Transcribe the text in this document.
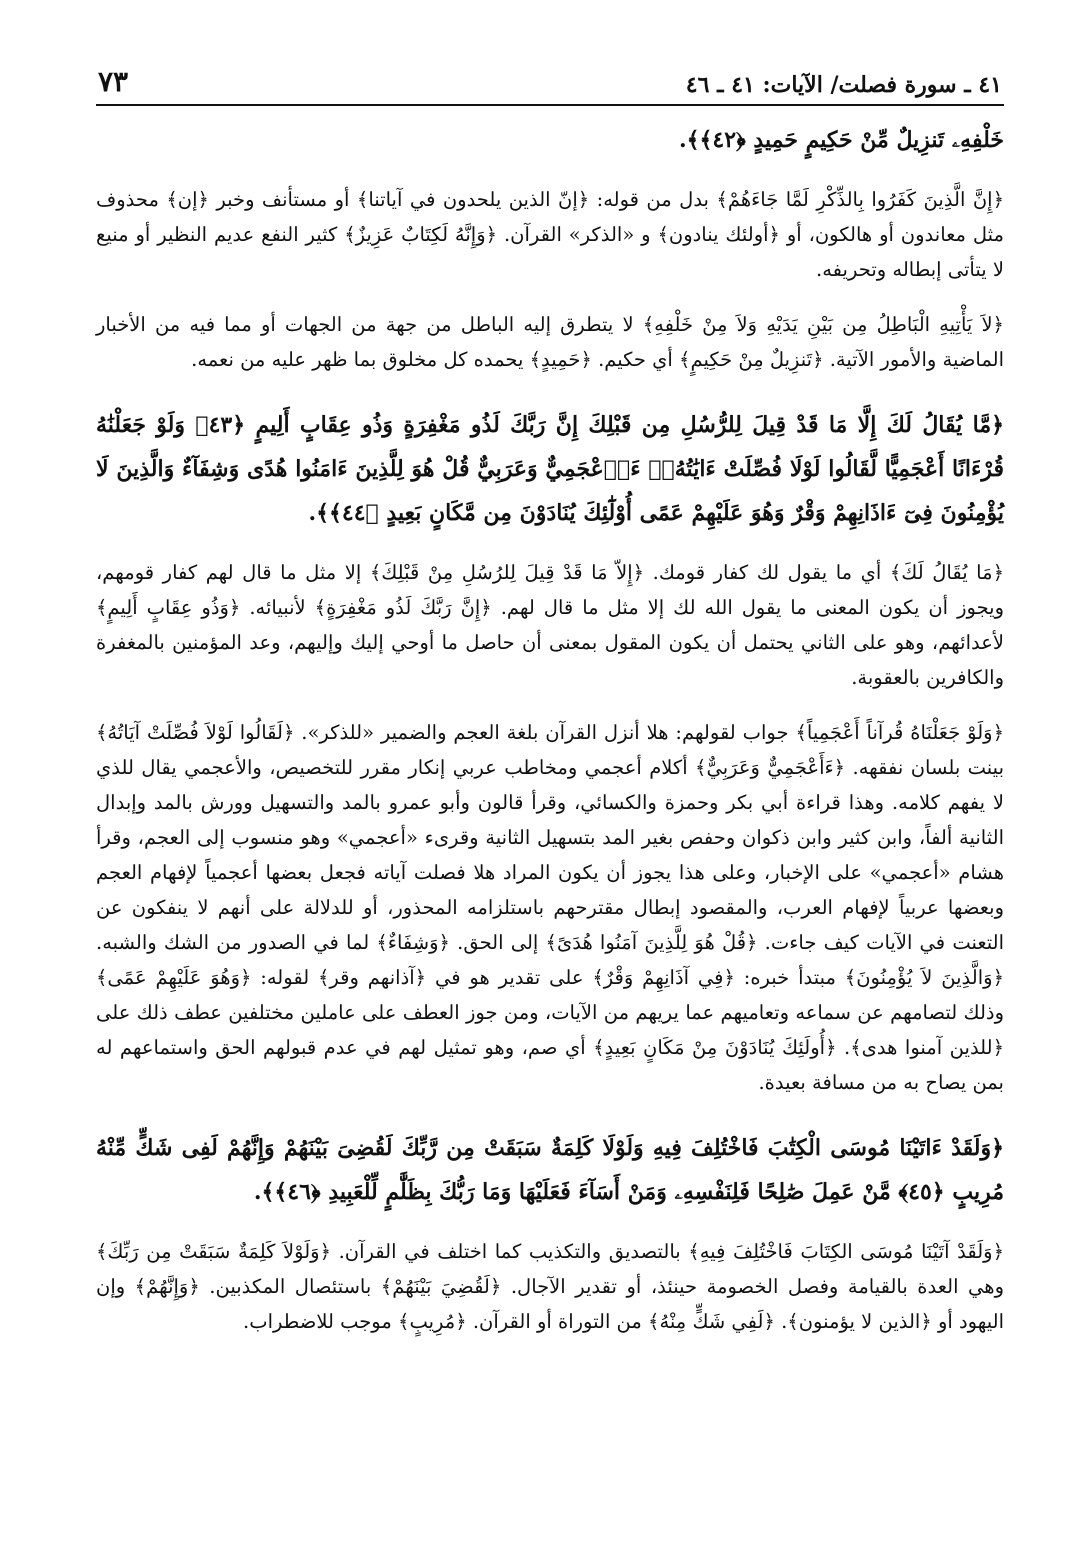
٤١ ـ سورة فصلت/ الآيات: ٤١ ـ ٤٦
٧٣

خَلْفِهِۦ تَنزِيلٌ مِّنْ حَكِيمٍ حَمِيدٍ ﴿٤٢﴾﴾.

﴿إِنَّ الَّذِينَ كَفَرُوا بِالذِّكْرِ لَمَّا جَاءَهُمْ﴾ بدل من قوله: ﴿إنّ الذين يلحدون في آياتنا﴾ أو مستأنف وخبر ﴿إن﴾ محذوف مثل معاندون أو هالكون، أو ﴿أولئك ينادون﴾ و «الذكر» القرآن. ﴿وَإِنَّهُ لَكِتَابٌ عَزِيزٌ﴾ كثير النفع عديم النظير أو منيع لا يتأتى إبطاله وتحريفه.

﴿لاَ يَأْتِيهِ الْبَاطِلُ مِن بَيْنِ يَدَيْهِ وَلاَ مِنْ خَلْفِهِ﴾ لا يتطرق إليه الباطل من جهة من الجهات أو مما فيه من الأخبار الماضية والأمور الآتية. ﴿تَنزِيلٌ مِنْ حَكِيمٍ﴾ أي حكيم. ﴿حَمِيدٍ﴾ يحمده كل مخلوق بما ظهر عليه من نعمه.

﴿مَّا يُقَالُ لَكَ إِلَّا مَا قَدْ قِيلَ لِلرُّسُلِ مِن قَبْلِكَ إِنَّ رَبَّكَ لَذُو مَغْفِرَةٍ وَذُو عِقَابٍ أَلِيمٍ ﴿٤٣﴾ وَلَوْ جَعَلْنَٰهُ قُرْءَانًا أَعْجَمِيًّا لَّقَالُوا لَوْلَا فُصِّلَتْ ءَايَٰتُهُۥٓ ءَا۬عْجَمِيٌّ وَعَرَبِيٌّ قُلْ هُوَ لِلَّذِينَ ءَامَنُوا هُدًى وَشِفَآءٌ وَالَّذِينَ لَا يُؤْمِنُونَ فِىٓ ءَاذَانِهِمْ وَقْرٌ وَهُوَ عَلَيْهِمْ عَمًى أُوْلَٰٓئِكَ يُنَادَوْنَ مِن مَّكَانٍ بَعِيدٍ ﴿٤٤﴾﴾.

﴿مَا يُقَالُ لَكَ﴾ أي ما يقول لك كفار قومك. ﴿إِلاّ مَا قَدْ قِيلَ لِلرُسُلِ مِنْ قَبْلِكَ﴾ إلا مثل ما قال لهم كفار قومهم، ويجوز أن يكون المعنى ما يقول الله لك إلا مثل ما قال لهم. ﴿إِنَّ رَبَّكَ لَذُو مَغْفِرَةٍ﴾ لأنبيائه. ﴿وَذُو عِقَابٍ أَلِيمٍ﴾ لأعدائهم، وهو على الثاني يحتمل أن يكون المقول بمعنى أن حاصل ما أوحي إليك وإليهم، وعد المؤمنين بالمغفرة والكافرين بالعقوبة.

﴿وَلَوْ جَعَلْنَاهُ قُرآناً أَعْجَمِياً﴾ جواب لقولهم: هلا أنزل القرآن بلغة العجم والضمير «للذكر». ﴿لَقَالُوا لَوْلاَ فُصِّلَتْ آيَاتُهُ﴾ بينت بلسان نفقهه. ﴿ءَأَعْجَمِيٌّ وَعَرَبِيٌّ﴾ أكلام أعجمي ومخاطب عربي إنكار مقرر للتخصيص، والأعجمي يقال للذي لا يفهم كلامه. وهذا قراءة أبي بكر وحمزة والكسائي، وقرأ قالون وأبو عمرو بالمد والتسهيل وورش بالمد وإبدال الثانية ألفاً، وابن كثير وابن ذكوان وحفص بغير المد بتسهيل الثانية وقرىء «أعجمي» وهو منسوب إلى العجم، وقرأ هشام «أعجمي» على الإخبار، وعلى هذا يجوز أن يكون المراد هلا فصلت آياته فجعل بعضها أعجمياً لإفهام العجم وبعضها عربياً لإفهام العرب، والمقصود إبطال مقترحهم باستلزامه المحذور، أو للدلالة على أنهم لا ينفكون عن التعنت في الآيات كيف جاءت. ﴿قُلْ هُوَ لِلَّذِينَ آمَنُوا هُدَىً﴾ إلى الحق. ﴿وَشِفَاءٌ﴾ لما في الصدور من الشك والشبه. ﴿وَالَّذِينَ لاَ يُؤْمِنُونَ﴾ مبتدأ خبره: ﴿فِي آذَانِهِمْ وَقْرٌ﴾ على تقدير هو في ﴿آذانهم وقر﴾ لقوله: ﴿وَهُوَ عَلَيْهِمْ عَمًى﴾ وذلك لتصامهم عن سماعه وتعاميهم عما يريهم من الآيات، ومن جوز العطف على عاملين مختلفين عطف ذلك على ﴿للذين آمنوا هدى﴾. ﴿أُولَئِكَ يُنَادَوْنَ مِنْ مَكَانٍ بَعِيدٍ﴾ أي صم، وهو تمثيل لهم في عدم قبولهم الحق واستماعهم له بمن يصاح به من مسافة بعيدة.

﴿وَلَقَدْ ءَاتَيْنَا مُوسَى الْكِتَٰبَ فَاخْتُلِفَ فِيهِ وَلَوْلَا كَلِمَةٌ سَبَقَتْ مِن رَّبِّكَ لَقُضِىَ بَيْنَهُمْ وَإِنَّهُمْ لَفِى شَكٍّ مِّنْهُ مُرِيبٍ ﴿٤٥﴾ مَّنْ عَمِلَ صَٰلِحًا فَلِنَفْسِهِۦ وَمَنْ أَسَآءَ فَعَلَيْهَا وَمَا رَبُّكَ بِظَلَّٰمٍ لِّلْعَبِيدِ ﴿٤٦﴾﴾.

﴿وَلَقَدْ آتَيْنَا مُوسَى الكِتَابَ فَاخْتُلِفَ فِيهِ﴾ بالتصديق والتكذيب كما اختلف في القرآن. ﴿وَلَوْلاَ كَلِمَةٌ سَبَقَتْ مِن رَبِّكَ﴾ وهي العدة بالقيامة وفصل الخصومة حينئذ، أو تقدير الآجال. ﴿لَقُضِيَ بَيْنَهُمْ﴾ باستئصال المكذبين. ﴿وَإِنَّهُمْ﴾ وإن اليهود أو ﴿الذين لا يؤمنون﴾. ﴿لَفِي شَكٍّ مِنْهُ﴾ من التوراة أو القرآن. ﴿مُرِيبٍ﴾ موجب للاضطراب.
